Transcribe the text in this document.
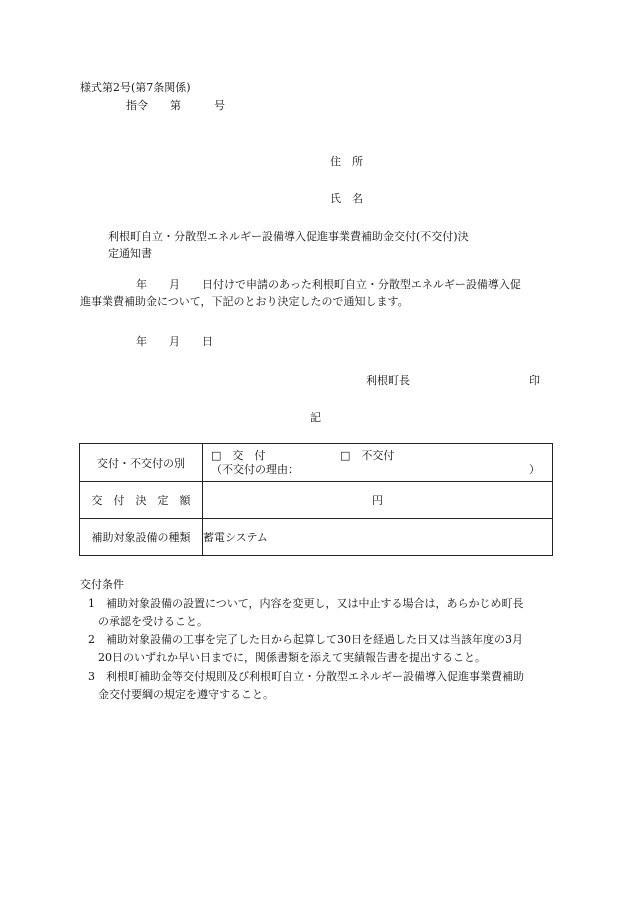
様式第2号(第7条関係)
指令　　第　　　号
住　所
氏　名
利根町自立・分散型エネルギー設備導入促進事業費補助金交付(不交付)決
定通知書
年　　月　　日付けで申請のあった利根町自立・分散型エネルギー設備導入促
進事業費補助金について，下記のとおり決定したので通知します。
年　　月　　日
利根町長	印
記
交付・不交付の別	□　交　付 □　不交付
（不交付の理由： ）

交　付　決　定　額	円
補助対象設備の種類	蓄電システム
交付条件
1	補助対象設備の設置について，内容を変更し，又は中止する場合は，あらかじめ町長
の承認を受けること。
2	補助対象設備の工事を完了した日から起算して30日を経過した日又は当該年度の3月
20日のいずれか早い日までに，関係書類を添えて実績報告書を提出すること。
3	利根町補助金等交付規則及び利根町自立・分散型エネルギー設備導入促進事業費補助
金交付要綱の規定を遵守すること。
